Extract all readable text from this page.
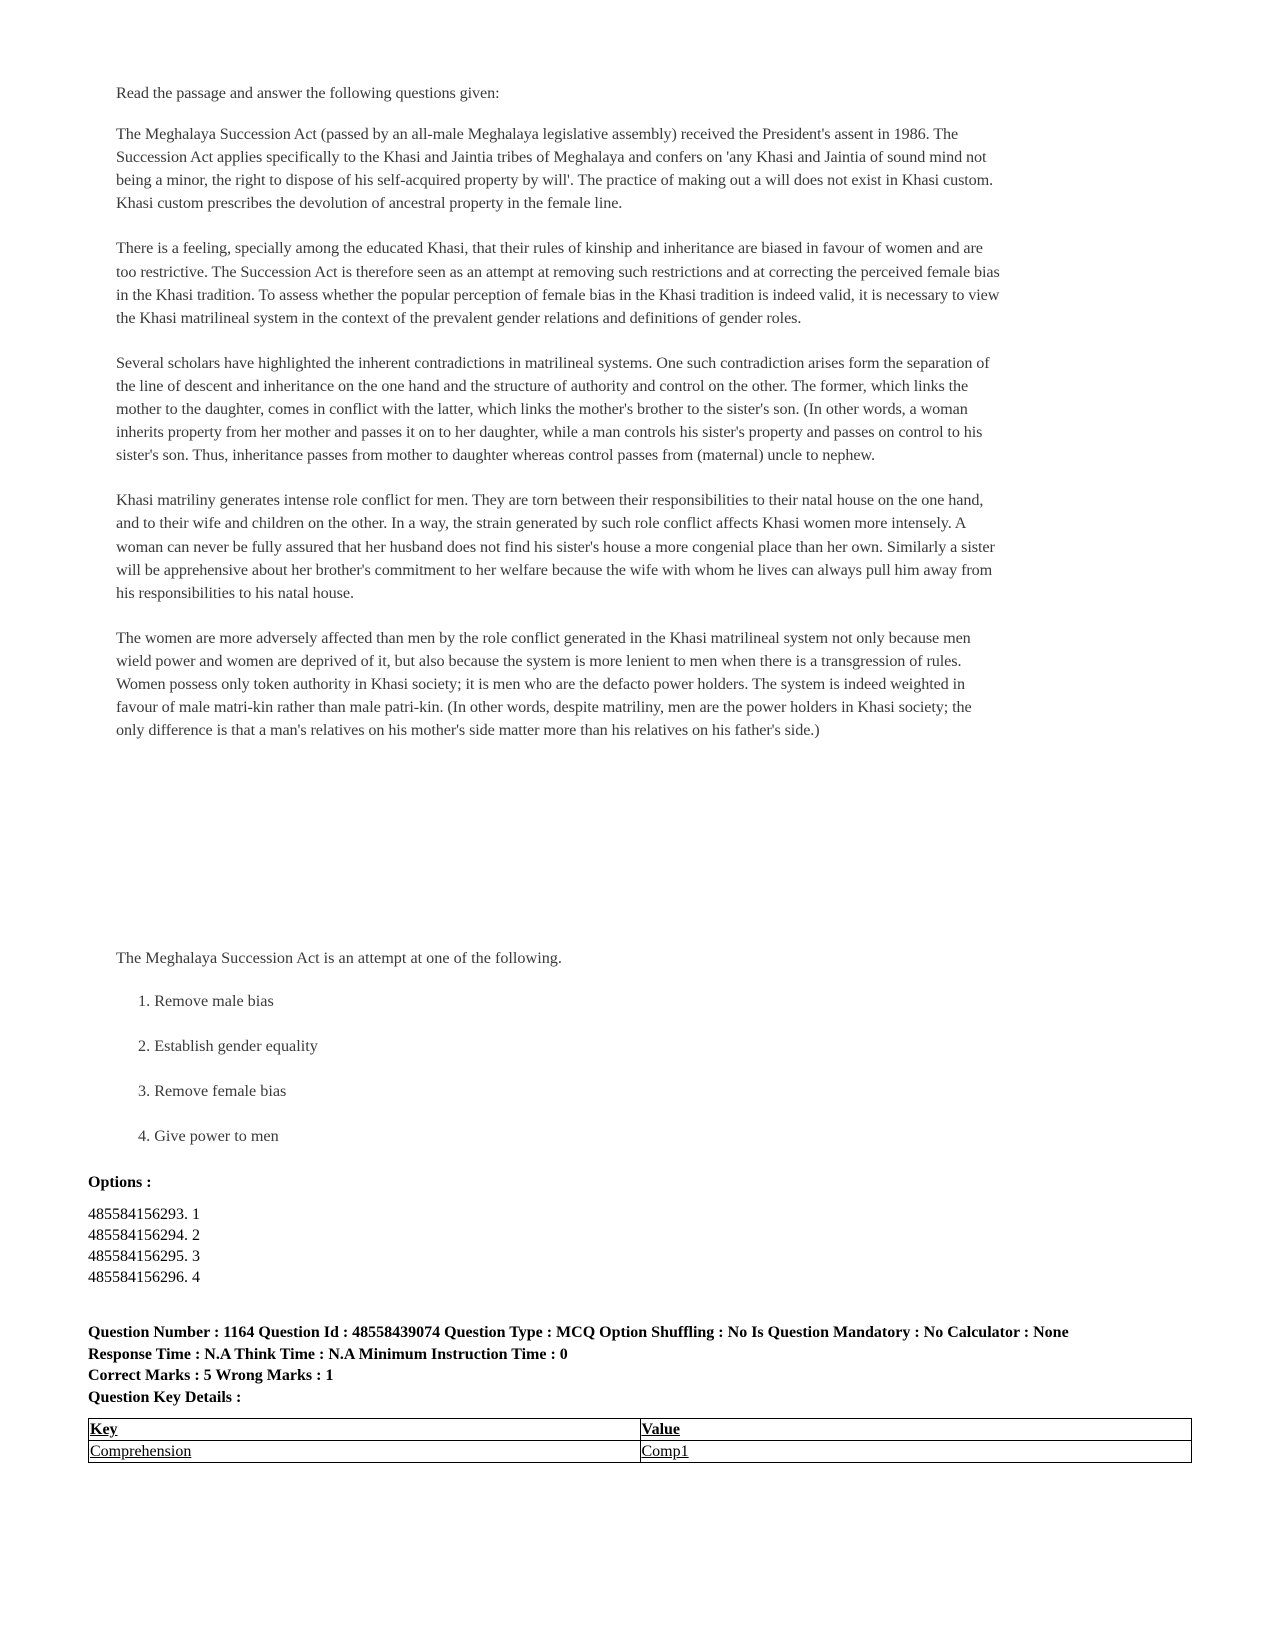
Read the passage and answer the following questions given:

The Meghalaya Succession Act (passed by an all-male Meghalaya legislative assembly) received the President's assent in 1986. The Succession Act applies specifically to the Khasi and Jaintia tribes of Meghalaya and confers on 'any Khasi and Jaintia of sound mind not being a minor, the right to dispose of his self-acquired property by will'. The practice of making out a will does not exist in Khasi custom. Khasi custom prescribes the devolution of ancestral property in the female line.

There is a feeling, specially among the educated Khasi, that their rules of kinship and inheritance are biased in favour of women and are too restrictive. The Succession Act is therefore seen as an attempt at removing such restrictions and at correcting the perceived female bias in the Khasi tradition. To assess whether the popular perception of female bias in the Khasi tradition is indeed valid, it is necessary to view the Khasi matrilineal system in the context of the prevalent gender relations and definitions of gender roles.

Several scholars have highlighted the inherent contradictions in matrilineal systems. One such contradiction arises form the separation of the line of descent and inheritance on the one hand and the structure of authority and control on the other. The former, which links the mother to the daughter, comes in conflict with the latter, which links the mother's brother to the sister's son. (In other words, a woman inherits property from her mother and passes it on to her daughter, while a man controls his sister's property and passes on control to his sister's son. Thus, inheritance passes from mother to daughter whereas control passes from (maternal) uncle to nephew.

Khasi matriliny generates intense role conflict for men. They are torn between their responsibilities to their natal house on the one hand, and to their wife and children on the other. In a way, the strain generated by such role conflict affects Khasi women more intensely. A woman can never be fully assured that her husband does not find his sister's house a more congenial place than her own. Similarly a sister will be apprehensive about her brother's commitment to her welfare because the wife with whom he lives can always pull him away from his responsibilities to his natal house.

The women are more adversely affected than men by the role conflict generated in the Khasi matrilineal system not only because men wield power and women are deprived of it, but also because the system is more lenient to men when there is a transgression of rules. Women possess only token authority in Khasi society; it is men who are the defacto power holders. The system is indeed weighted in favour of male matri-kin rather than male patri-kin. (In other words, despite matriliny, men are the power holders in Khasi society; the only difference is that a man's relatives on his mother's side matter more than his relatives on his father's side.)

The Meghalaya Succession Act is an attempt at one of the following.
1. Remove male bias
2. Establish gender equality
3. Remove female bias
4. Give power to men
Options :
485584156293. 1
485584156294. 2
485584156295. 3
485584156296. 4
Question Number : 1164 Question Id : 48558439074 Question Type : MCQ Option Shuffling : No Is Question Mandatory : No Calculator : None
Response Time : N.A Think Time : N.A Minimum Instruction Time : 0
Correct Marks : 5 Wrong Marks : 1
Question Key Details :
Key	Value
Comprehension	Comp1
